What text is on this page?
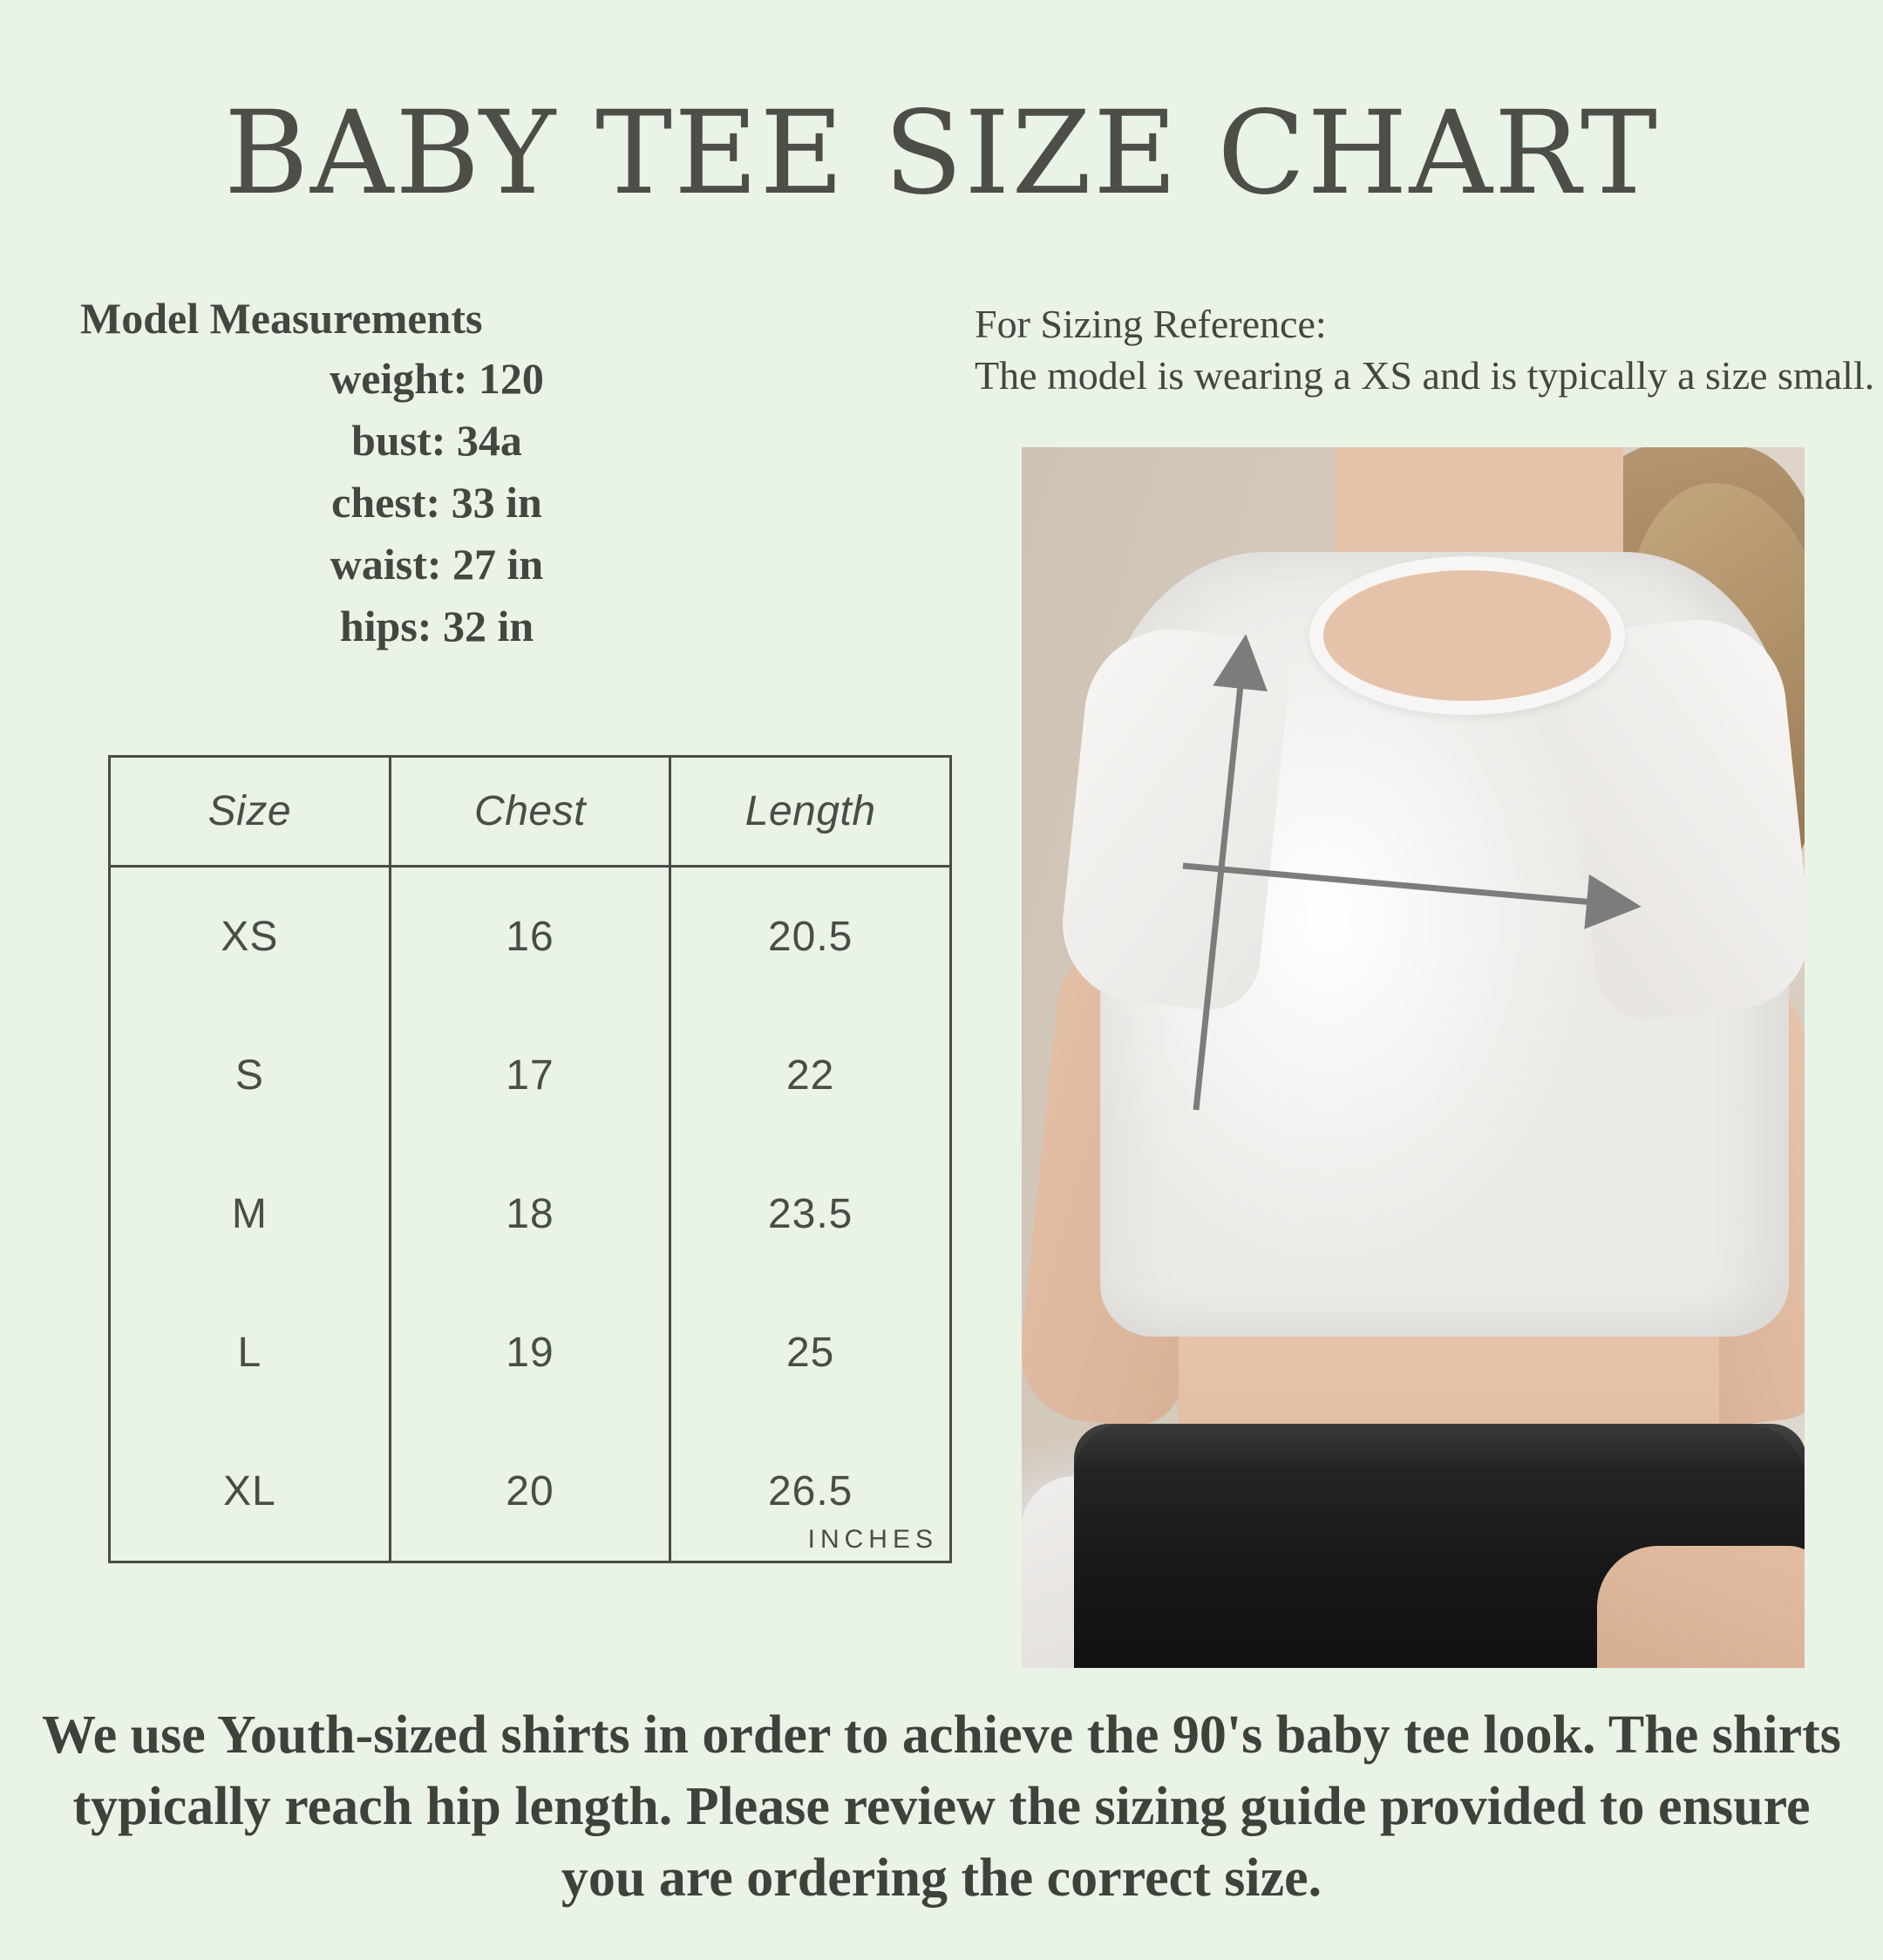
BABY TEE SIZE CHART
Model Measurements
weight: 120
bust: 34a
chest: 33 in
waist: 27 in
hips: 32 in
For Sizing Reference:
The model is wearing a XS and is typically a size small.
Size	Chest	Length
XS	16	20.5
S	17	22
M	18	23.5
L	19	25
XL	20	26.5
INCHES
We use Youth-sized shirts in order to achieve the 90's baby tee look. The shirts typically reach hip length. Please review the sizing guide provided to ensure you are ordering the correct size.
